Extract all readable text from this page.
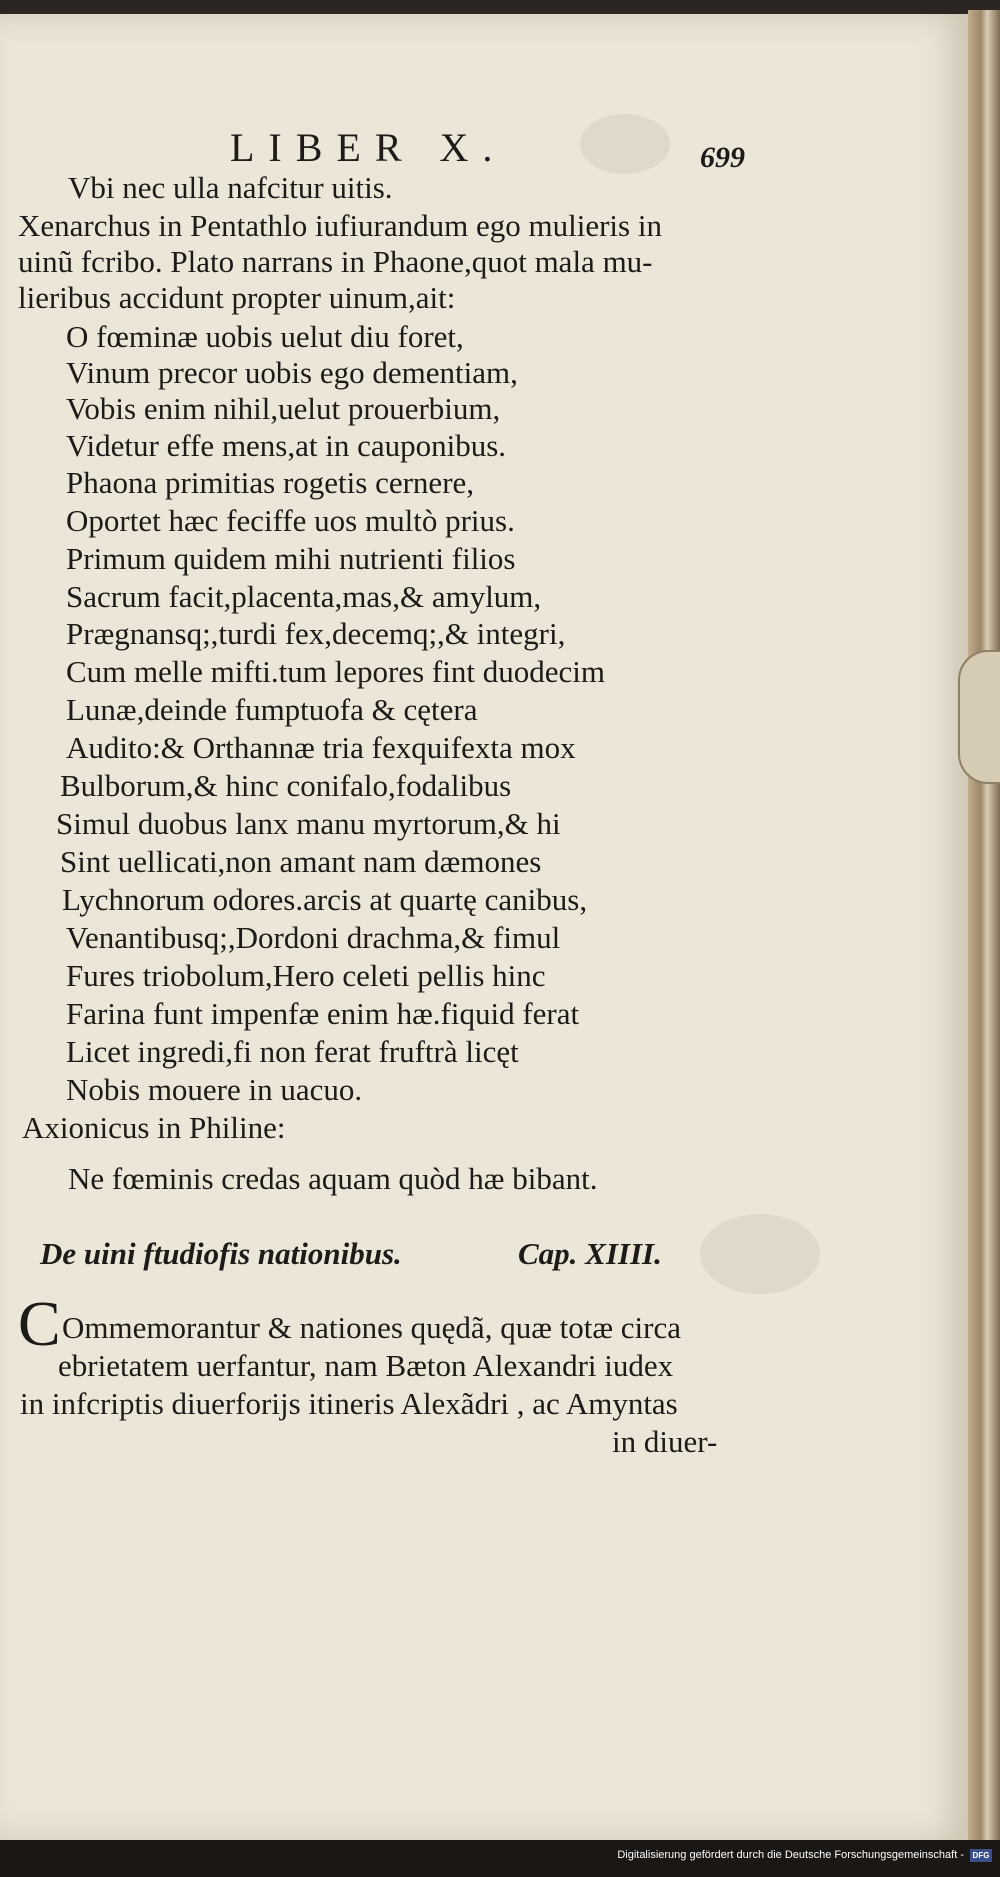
LIBER X.	699
Vbi nec ulla nafcitur uitis.
Xenarchus in Pentathlo iufiurandum ego mulieris in
uinũ fcribo. Plato narrans in Phaone,quot mala mu-
lieribus accidunt propter uinum,ait:
O fœminæ uobis uelut diu foret,
Vinum precor uobis ego dementiam,
Vobis enim nihil,uelut prouerbium,
Videtur effe mens,at in cauponibus.
Phaona primitias rogetis cernere,
Oportet hæc feciffe uos multò prius.
Primum quidem mihi nutrienti filios
Sacrum facit,placenta,mas,& amylum,
Prægnansq;,turdi fex,decemq;,& integri,
Cum melle mifti.tum lepores fint duodecim
Lunæ,deinde fumptuofa & cętera
Audito:& Orthannæ tria fexquifexta mox
Bulborum,& hinc conifalo,fodalibus
Simul duobus lanx manu myrtorum,& hi
Sint uellicati,non amant nam dæmones
Lychnorum odores.arcis at quartę canibus,
Venantibusq;,Dordoni drachma,& fimul
Fures triobolum,Hero celeti pellis hinc
Farina funt impenfæ enim hæ.fiquid ferat
Licet ingredi,fi non ferat fruftrà licęt
Nobis mouere in uacuo.
Axionicus in Philine:
Ne fœminis credas aquam quòd hæ bibant.
De uini ftudiofis nationibus.	Cap. XIIII.
C Ommemorantur & nationes quędã, quæ totæ circa
ebrietatem uerfantur, nam Bæton Alexandri iudex
in infcriptis diuerforijs itineris Alexãdri , ac Amyntas
in diuer-
Digitalisierung gefördert durch die Deutsche Forschungsgemeinschaft -	DFG
